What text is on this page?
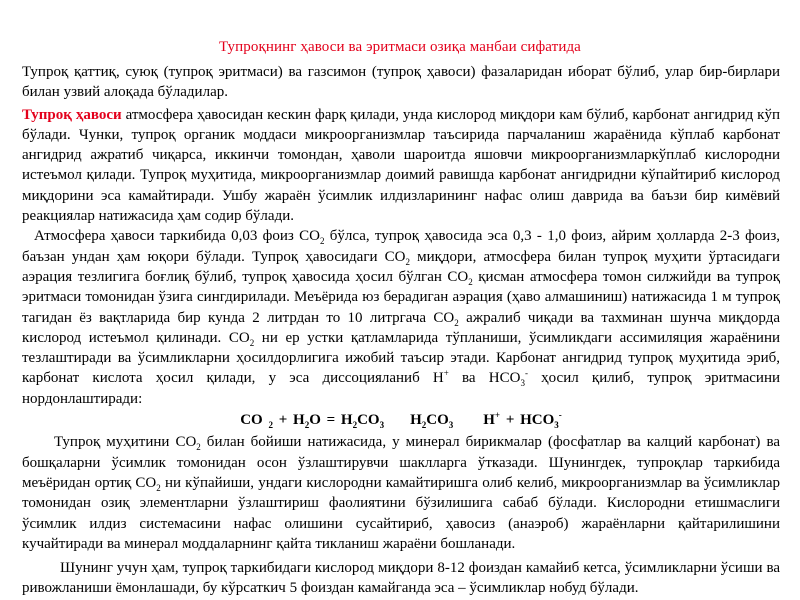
Тупроқнинг ҳавоси ва эритмаси озиқа манбаи сифатида

Тупроқ қаттиқ, суюқ (тупроқ эритмаси) ва газсимон (тупроқ ҳавоси) фазаларидан иборат бўлиб, улар бир-бирлари билан узвий алоқада бўладилар.

Тупроқ ҳавоси атмосфера ҳавосидан кескин фарқ қилади, унда кислород миқдори кам бўлиб, карбонат ангидрид кўп бўлади. Чунки, тупроқ органик моддаси микроорганизмлар таъсирида парчаланиш жараёнида кўплаб карбонат ангидрид ажратиб чиқарса, иккинчи томондан, ҳаволи шароитда яшовчи микроорганизмларкўплаб кислородни истеъмол қилади. Тупроқ муҳитида, микроорганизмлар доимий равишда карбонат ангидридни кўпайтириб кислород миқдорини эса камайтиради. Ушбу жараён ўсимлик илдизларининг нафас олиш даврида ва баъзи бир кимёвий реакциялар натижасида ҳам содир бўлади.

Атмосфера ҳавоси таркибида 0,03 фоиз $CO_2$ бўлса, тупроқ ҳавосида эса 0,3 - 1,0 фоиз, айрим ҳолларда 2-3 фоиз, баъзан ундан ҳам юқори бўлади. Тупроқ ҳавосидаги $CO_2$ миқдори, атмосфера билан тупроқ муҳити ўртасидаги аэрация тезлигига боғлиқ бўлиб, тупроқ ҳавосида ҳосил бўлган $CO_2$ қисман атмосфера томон силжийди ва тупроқ эритмаси томонидан ўзига сингдирилади. Меъёрида юз берадиган аэрация (ҳаво алмашиниш) натижасида 1 м тупроқ тагидан ёз вақтларида бир кунда 2 литрдан то 10 литргача $CO_2$ ажралиб чиқади ва тахминан шунча миқдорда кислород истеъмол қилинади. $CO_2$ ни ер устки қатламларида тўпланиши, ўсимликдаги ассимиляция жараёнини тезлаштиради ва ўсимликларни ҳосилдорлигига ижобий таъсир этади. Карбонат ангидрид тупроқ муҳитида эриб, карбонат кислота ҳосил қилади, у эса диссоцияланиб H+ ва $HCO_3^-$ ҳосил қилиб, тупроқ эритмасини нордонлаштиради:

CO $_2 + H_2O = H_2CO_3$ $H_2CO_3$ $H^+ + HCO_3^-$

Тупроқ муҳитини $CO_2$ билан бойиши натижасида, у минерал бирикмалар (фосфатлар ва калций карбонат) ва бошқаларни ўсимлик томонидан осон ўзлаштирувчи шаклларга ўтказади. Шунингдек, тупроқлар таркибида меъёридан ортиқ $CO_2$ ни кўпайиши, ундаги кислородни камайтиришга олиб келиб, микроорганизмлар ва ўсимликлар томонидан озиқ элементларни ўзлаштириш фаолиятини бўзилишига сабаб бўлади. Кислородни етишмаслиги ўсимлик илдиз системасини нафас олишини сусайтириб, ҳавосиз (анаэроб) жараёнларни қайтарилишини кучайтиради ва минерал моддаларнинг қайта тикланиш жараёни бошланади.

Шунинг учун ҳам, тупроқ таркибидаги кислород миқдори 8-12 фоиздан камайиб кетса, ўсимликларни ўсиши ва ривожланиши ёмонлашади, бу кўрсаткич 5 фоиздан камайганда эса – ўсимликлар нобуд бўлади.
